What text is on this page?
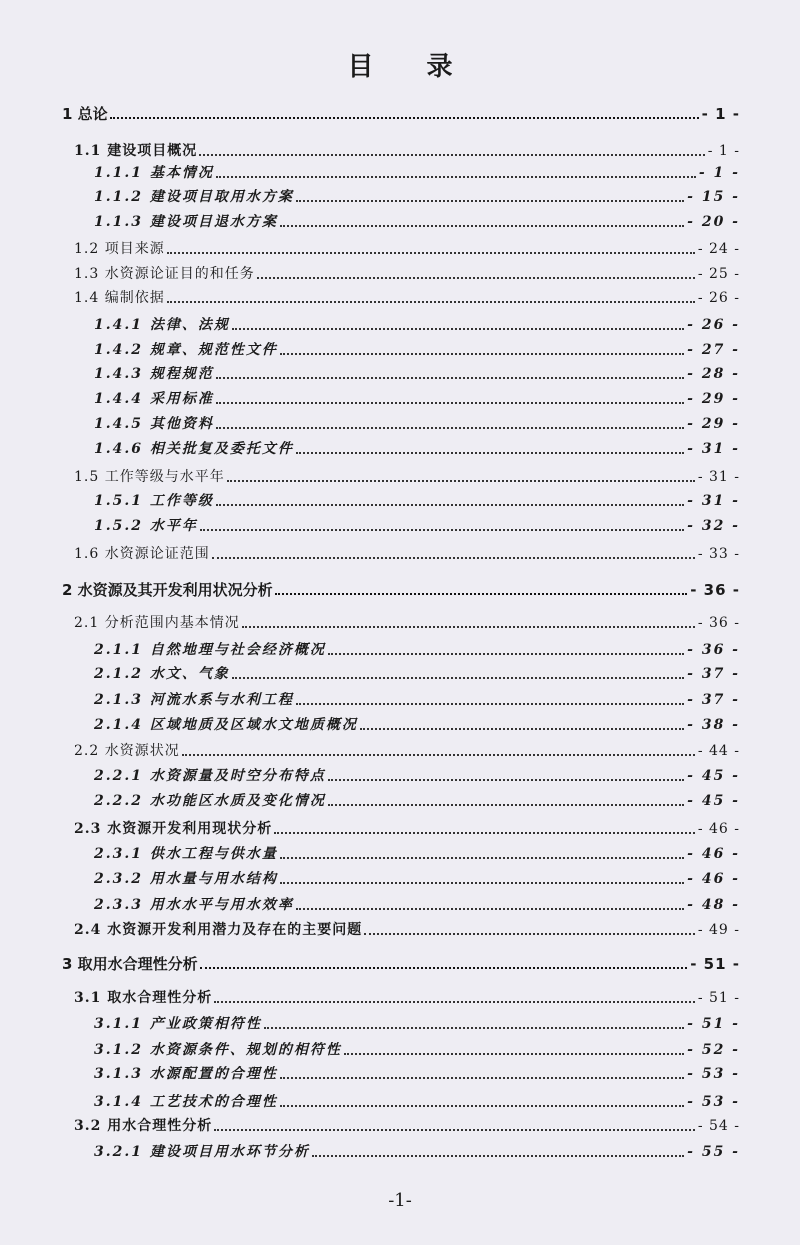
目 录
1 总论	- 1 -
1.1 建设项目概况	- 1 -
1.1.1 基本情况	- 1 -
1.1.2 建设项目取用水方案	- 15 -
1.1.3 建设项目退水方案	- 20 -
1.2 项目来源	- 24 -
1.3 水资源论证目的和任务	- 25 -
1.4 编制依据	- 26 -
1.4.1 法律、法规	- 26 -
1.4.2 规章、规范性文件	- 27 -
1.4.3 规程规范	- 28 -
1.4.4 采用标准	- 29 -
1.4.5 其他资料	- 29 -
1.4.6 相关批复及委托文件	- 31 -
1.5 工作等级与水平年	- 31 -
1.5.1 工作等级	- 31 -
1.5.2 水平年	- 32 -
1.6 水资源论证范围	- 33 -
2 水资源及其开发利用状况分析	- 36 -
2.1 分析范围内基本情况	- 36 -
2.1.1 自然地理与社会经济概况	- 36 -
2.1.2 水文、气象	- 37 -
2.1.3 河流水系与水利工程	- 37 -
2.1.4 区域地质及区域水文地质概况	- 38 -
2.2 水资源状况	- 44 -
2.2.1 水资源量及时空分布特点	- 45 -
2.2.2 水功能区水质及变化情况	- 45 -
2.3 水资源开发利用现状分析	- 46 -
2.3.1 供水工程与供水量	- 46 -
2.3.2 用水量与用水结构	- 46 -
2.3.3 用水水平与用水效率	- 48 -
2.4 水资源开发利用潜力及存在的主要问题	- 49 -
3 取用水合理性分析	- 51 -
3.1 取水合理性分析	- 51 -
3.1.1 产业政策相符性	- 51 -
3.1.2 水资源条件、规划的相符性	- 52 -
3.1.3 水源配置的合理性	- 53 -
3.1.4 工艺技术的合理性	- 53 -
3.2 用水合理性分析	- 54 -
3.2.1 建设项目用水环节分析	- 55 -
-1-
